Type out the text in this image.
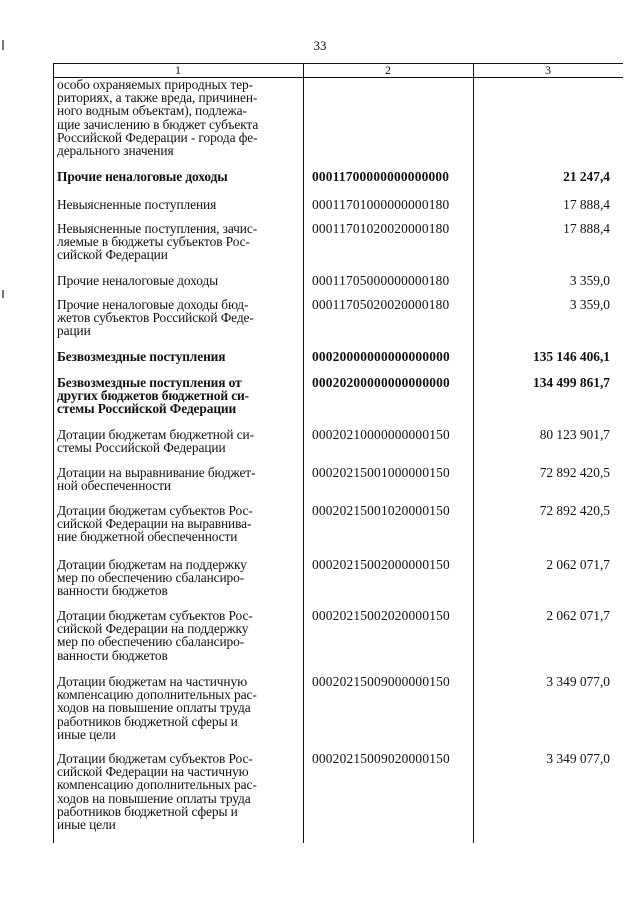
33
1	2	3
особо охраняемых природных тер-
риториях, а также вреда, причинен-
ного водным объектам), подлежа-
щие зачислению в бюджет субъекта
Российской Федерации - города фе-
дерального значения
Прочие неналоговые доходы	00011700000000000000	21 247,4
Невыясненные поступления	00011701000000000180	17 888,4
Невыясненные поступления, зачис-
ляемые в бюджеты субъектов Рос-
сийской Федерации
00011701020020000180	17 888,4
Прочие неналоговые доходы	00011705000000000180	3 359,0
Прочие неналоговые доходы бюд-
жетов субъектов Российской Феде-
рации
00011705020020000180	3 359,0
Безвозмездные поступления	00020000000000000000	135 146 406,1
Безвозмездные поступления от
других бюджетов бюджетной си-
стемы Российской Федерации
00020200000000000000	134 499 861,7
Дотации бюджетам бюджетной си-
стемы Российской Федерации
00020210000000000150	80 123 901,7
Дотации на выравнивание бюджет-
ной обеспеченности
00020215001000000150	72 892 420,5
Дотации бюджетам субъектов Рос-
сийской Федерации на выравнива-
ние бюджетной обеспеченности
00020215001020000150	72 892 420,5
Дотации бюджетам на поддержку
мер по обеспечению сбалансиро-
ванности бюджетов
00020215002000000150	2 062 071,7
Дотации бюджетам субъектов Рос-
сийской Федерации на поддержку
мер по обеспечению сбалансиро-
ванности бюджетов
00020215002020000150	2 062 071,7
Дотации бюджетам на частичную
компенсацию дополнительных рас-
ходов на повышение оплаты труда
работников бюджетной сферы и
иные цели
00020215009000000150	3 349 077,0
Дотации бюджетам субъектов Рос-
сийской Федерации на частичную
компенсацию дополнительных рас-
ходов на повышение оплаты труда
работников бюджетной сферы и
иные цели
00020215009020000150	3 349 077,0
